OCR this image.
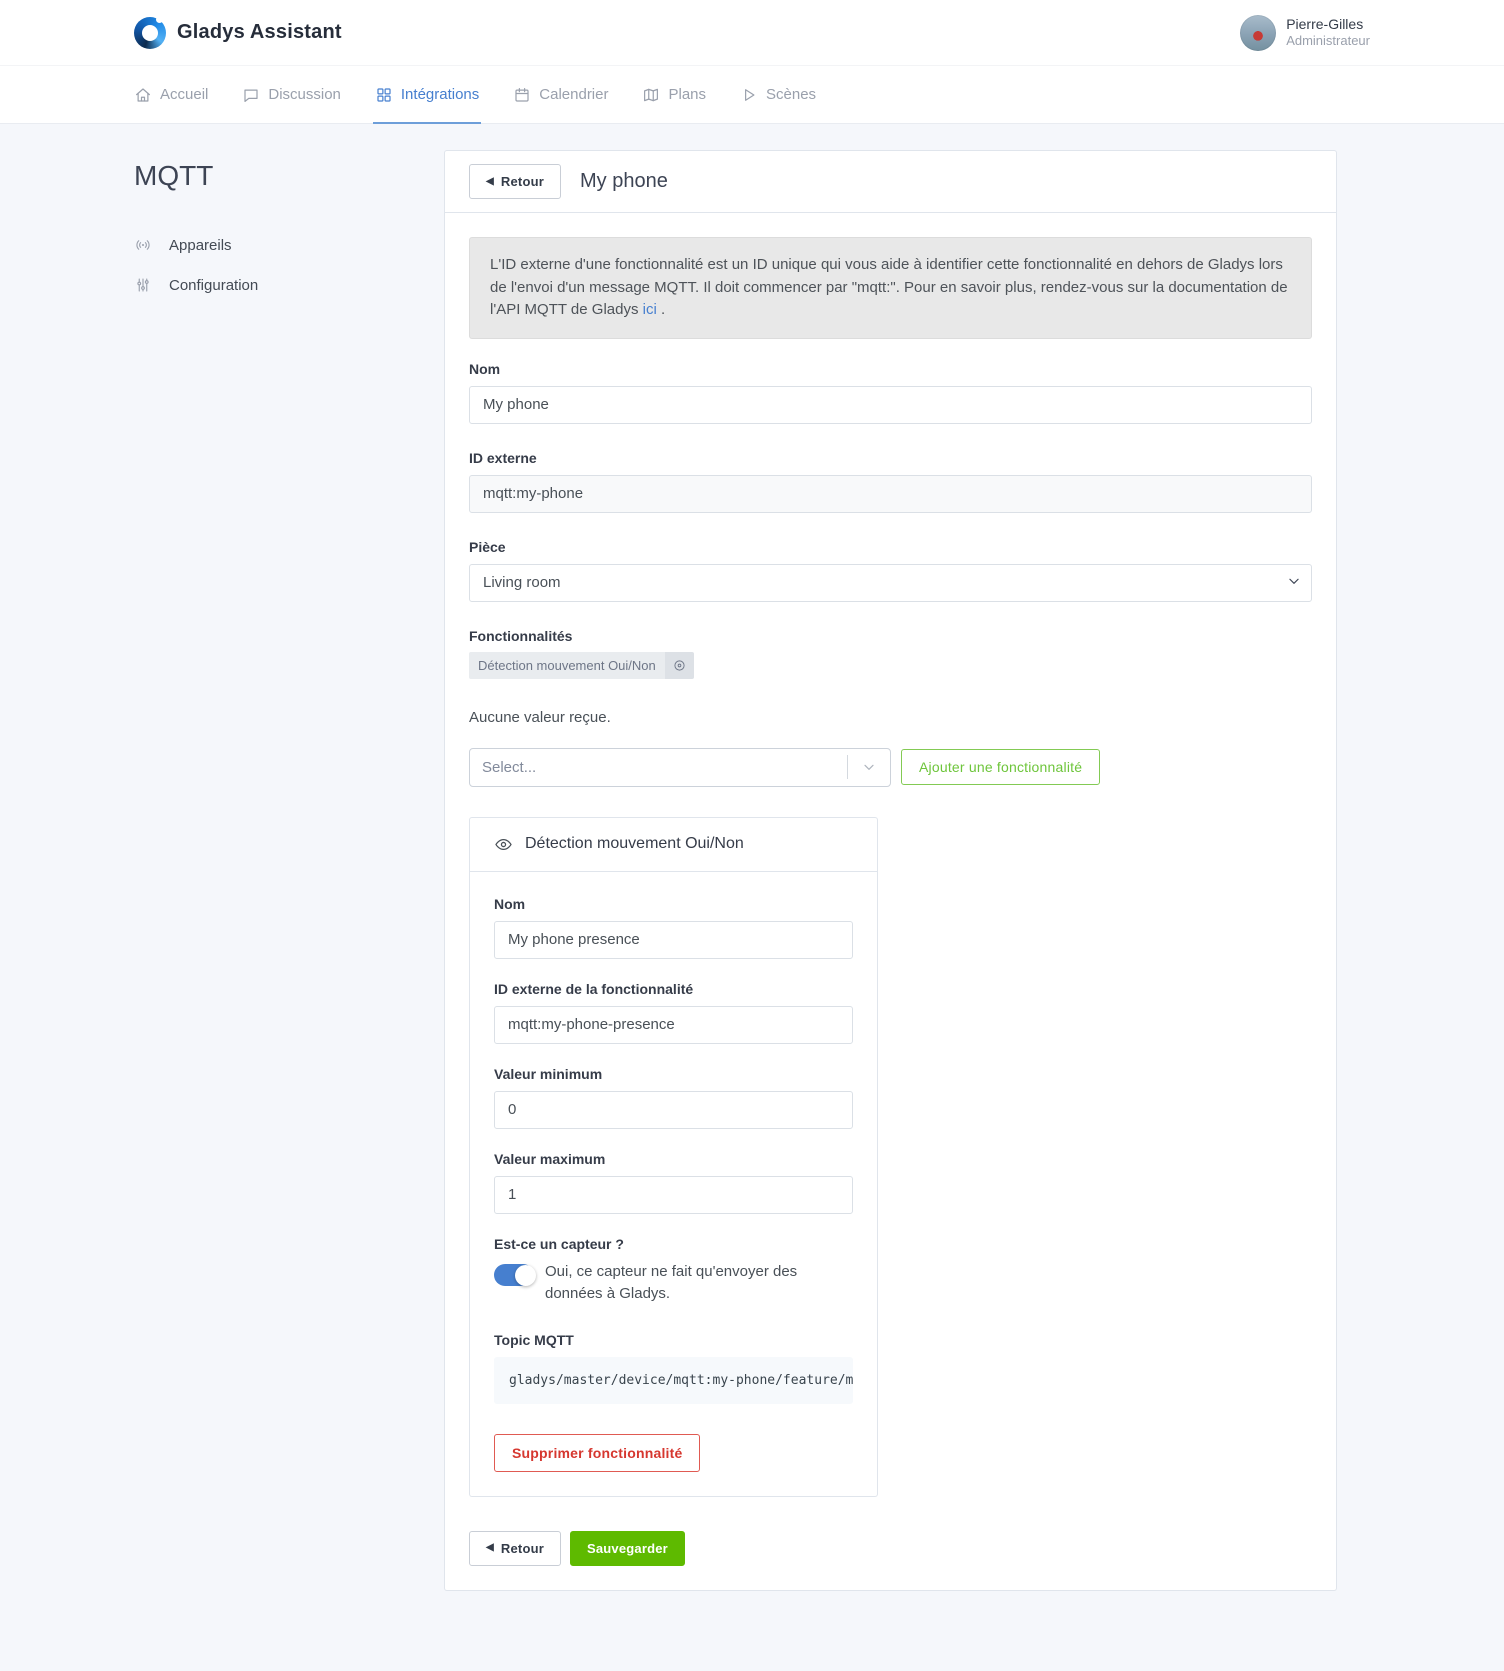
Gladys Assistant	Pierre-Gilles
Administrateur
Accueil	Discussion	Intégrations	Calendrier	Plans	Scènes
MQTT
Appareils
Configuration
◀ Retour My phone
L'ID externe d'une fonctionnalité est un ID unique qui vous aide à identifier cette fonctionnalité en dehors de Gladys lors de l'envoi d'un message MQTT. Il doit commencer par "mqtt:". Pour en savoir plus, rendez-vous sur la documentation de l'API MQTT de Gladys ici .
Nom
My phone
ID externe
mqtt:my-phone
Pièce
Living room
Fonctionnalités
Détection mouvement Oui/Non
Aucune valeur reçue.
Select...	Ajouter une fonctionnalité
Détection mouvement Oui/Non
Nom
My phone presence
ID externe de la fonctionnalité
mqtt:my-phone-presence
Valeur minimum
0
Valeur maximum
1
Est-ce un capteur ?
Oui, ce capteur ne fait qu'envoyer des données à Gladys.
Topic MQTT
gladys/master/device/mqtt:my-phone/feature/m
Supprimer fonctionnalité
◀ Retour	Sauvegarder
